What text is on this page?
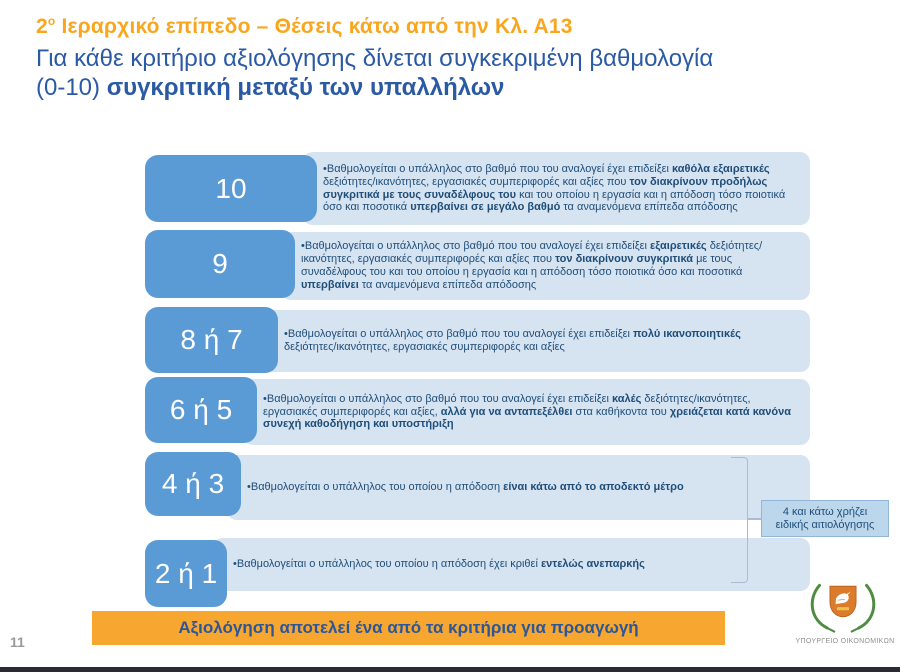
$2^o$ Ιεραρχικό επίπεδο – Θέσεις κάτω από την Κλ. Α13
Για κάθε κριτήριο αξιολόγησης δίνεται συγκεκριμένη βαθμολογία
(0-10) συγκριτική μεταξύ των υπαλλήλων
•Βαθμολογείται ο υπάλληλος στο βαθμό που του αναλογεί έχει επιδείξει καθόλα εξαιρετικές δεξιότητες/ικανότητες, εργασιακές συμπεριφορές και αξίες που τον διακρίνουν προδήλως συγκριτικά με τους συναδέλφους του και του οποίου η εργασία και η απόδοση τόσο ποιοτικά όσο και ποσοτικά υπερβαίνει σε μεγάλο βαθμό τα αναμενόμενα επίπεδα απόδοσης
10
•Βαθμολογείται ο υπάλληλος στο βαθμό που του αναλογεί έχει επιδείξει εξαιρετικές δεξιότητες/ικανότητες, εργασιακές συμπεριφορές και αξίες που τον διακρίνουν συγκριτικά με τους συναδέλφους του και του οποίου η εργασία και η απόδοση τόσο ποιοτικά όσο και ποσοτικά υπερβαίνει τα αναμενόμενα επίπεδα απόδοσης
9
•Βαθμολογείται ο υπάλληλος στο βαθμό που του αναλογεί έχει επιδείξει πολύ ικανοποιητικές δεξιότητες/ικανότητες, εργασιακές συμπεριφορές και αξίες
8 ή 7
•Βαθμολογείται ο υπάλληλος στο βαθμό που του αναλογεί έχει επιδείξει καλές δεξιότητες/ικανότητες, εργασιακές συμπεριφορές και αξίες, αλλά για να ανταπεξέλθει στα καθήκοντα του χρειάζεται κατά κανόνα συνεχή καθοδήγηση και υποστήριξη
6 ή 5
•Βαθμολογείται ο υπάλληλος του οποίου η απόδοση είναι κάτω από το αποδεκτό μέτρο
4 ή 3
•Βαθμολογείται ο υπάλληλος του οποίου η απόδοση έχει κριθεί εντελώς ανεπαρκής
2 ή 1
4 και κάτω χρήζει ειδικής αιτιολόγησης
Αξιολόγηση αποτελεί ένα από τα κριτήρια για προαγωγή
11	ΥΠΟΥΡΓΕΙΟ ΟΙΚΟΝΟΜΙΚΩΝ
